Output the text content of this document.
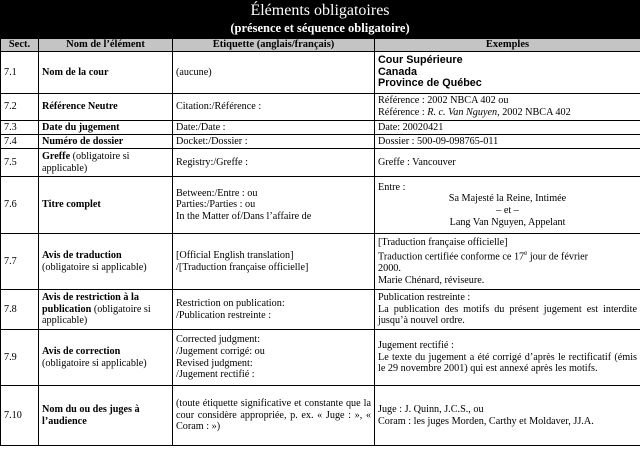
Éléments obligatoires
(présence et séquence obligatoire)
Sect.	Nom de l’élément	Étiquette (anglais/français)	Exemples
7.1	Nom de la cour	(aucune)	Cour Supérieure
Canada
Province de Québec

7.2	Référence Neutre	Citation:/Référence :	Référence : 2002 NBCA 402 ou
Référence : R. c. Van Nguyen, 2002 NBCA 402

7.3	Date du jugement	Date:/Date :	Date: 20020421
7.4	Numéro de dossier	Docket:/Dossier :	Dossier : 500-09-098765-011
7.5	Greffe (obligatoire si applicable)	Registry:/Greffe :	Greffe : Vancouver
7.6	Titre complet	Between:/Entre : ou
Parties:/Parties : ou
In the Matter of/Dans l’affaire de	Entre :
Sa Majesté la Reine, Intimée
– et –
Lang Van Nguyen, Appelant

7.7	Avis de traduction
(obligatoire si applicable)	[Official English translation]
/[Traduction française officielle]	[Traduction française officielle]
Traduction certifiée conforme ce 17e jour de février
2000.
Marie Chénard, réviseure.

7.8	Avis de restriction à la publication (obligatoire si applicable)	Restriction on publication:
/Publication restreinte :	Publication restreinte :
La publication des motifs du présent jugement est interdite jusqu’à nouvel ordre.

7.9	Avis de correction
(obligatoire si applicable)	Corrected judgment:
/Jugement corrigé: ou
Revised judgment:
/Jugement rectifié :	Jugement rectifié :
Le texte du jugement a été corrigé d’après le rectificatif (émis le 29 novembre 2001) qui est annexé après les motifs.

7.10	Nom du ou des juges à l’audience	(toute étiquette significative et constante que la cour considère appropriée, p. ex. « Juge : », « Coram : »)	Juge : J. Quinn, J.C.S., ou
Coram : les juges Morden, Carthy et Moldaver, JJ.A.
